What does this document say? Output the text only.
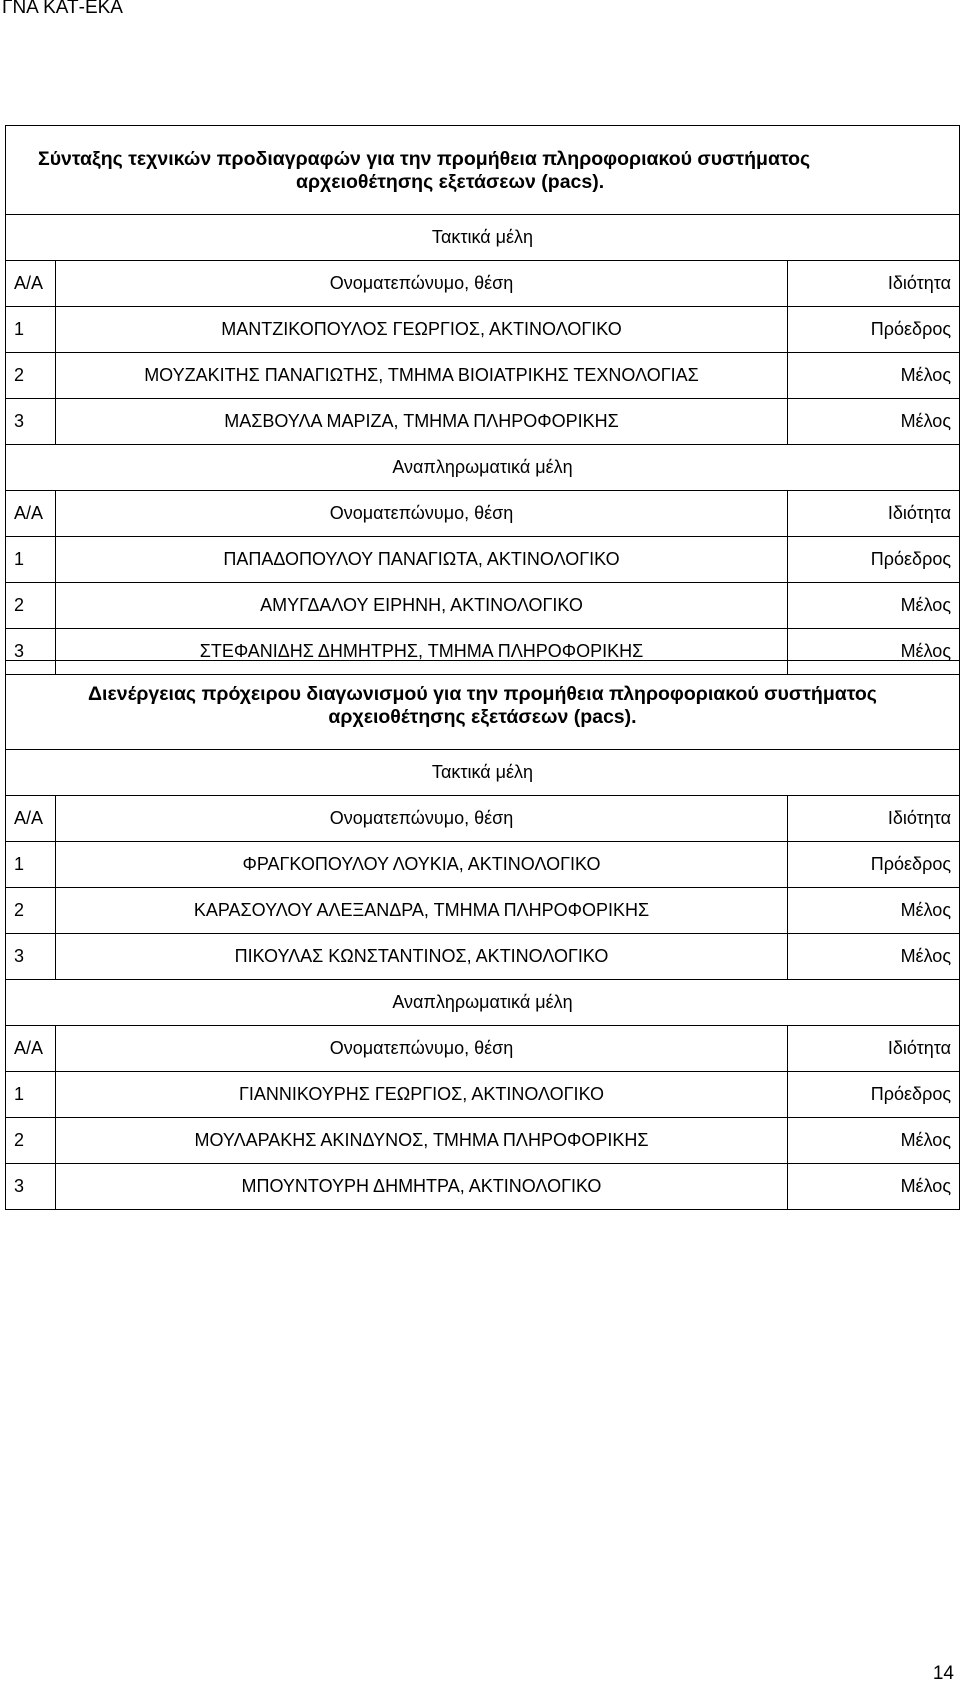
ΓΝΑ ΚΑΤ-ΕΚΑ
Σύνταξης τεχνικών προδιαγραφών για την προμήθεια πληροφοριακού συστήματος
αρχειοθέτησης εξετάσεων (pacs).		

Τακτικά μέλη		
Α/Α	Ονοματεπώνυμο, θέση	Ιδιότητα
1	ΜΑΝΤΖΙΚΟΠΟΥΛΟΣ ΓΕΩΡΓΙΟΣ, ΑΚΤΙΝΟΛΟΓΙΚΟ	Πρόεδρος
2	ΜΟΥΖΑΚΙΤΗΣ ΠΑΝΑΓΙΩΤΗΣ, ΤΜΗΜΑ ΒΙΟΙΑΤΡΙΚΗΣ ΤΕΧΝΟΛΟΓΙΑΣ	Μέλος
3	ΜΑΣΒΟΥΛΑ ΜΑΡΙΖΑ, ΤΜΗΜΑ ΠΛΗΡΟΦΟΡΙΚΗΣ	Μέλος
Αναπληρωματικά μέλη		
Α/Α	Ονοματεπώνυμο, θέση	Ιδιότητα
1	ΠΑΠΑΔΟΠΟΥΛΟΥ ΠΑΝΑΓΙΩΤΑ, ΑΚΤΙΝΟΛΟΓΙΚΟ	Πρόεδρος
2	ΑΜΥΓΔΑΛΟΥ ΕΙΡΗΝΗ, ΑΚΤΙΝΟΛΟΓΙΚΟ	Μέλος
3	ΣΤΕΦΑΝΙΔΗΣ ΔΗΜΗΤΡΗΣ, ΤΜΗΜΑ ΠΛΗΡΟΦΟΡΙΚΗΣ	Μέλος
Διενέργειας πρόχειρου διαγωνισμού για την προμήθεια πληροφοριακού συστήματος
αρχειοθέτησης εξετάσεων (pacs).		

Τακτικά μέλη		
Α/Α	Ονοματεπώνυμο, θέση	Ιδιότητα
1	ΦΡΑΓΚΟΠΟΥΛΟΥ ΛΟΥΚΙΑ, ΑΚΤΙΝΟΛΟΓΙΚΟ	Πρόεδρος
2	ΚΑΡΑΣΟΥΛΟΥ ΑΛΕΞΑΝΔΡΑ, ΤΜΗΜΑ ΠΛΗΡΟΦΟΡΙΚΗΣ	Μέλος
3	ΠΙΚΟΥΛΑΣ ΚΩΝΣΤΑΝΤΙΝΟΣ, ΑΚΤΙΝΟΛΟΓΙΚΟ	Μέλος
Αναπληρωματικά μέλη		
Α/Α	Ονοματεπώνυμο, θέση	Ιδιότητα
1	ΓΙΑΝΝΙΚΟΥΡΗΣ ΓΕΩΡΓΙΟΣ, ΑΚΤΙΝΟΛΟΓΙΚΟ	Πρόεδρος
2	ΜΟΥΛΑΡΑΚΗΣ ΑΚΙΝΔΥΝΟΣ, ΤΜΗΜΑ ΠΛΗΡΟΦΟΡΙΚΗΣ	Μέλος
3	ΜΠΟΥΝΤΟΥΡΗ ΔΗΜΗΤΡΑ, ΑΚΤΙΝΟΛΟΓΙΚΟ	Μέλος
14
